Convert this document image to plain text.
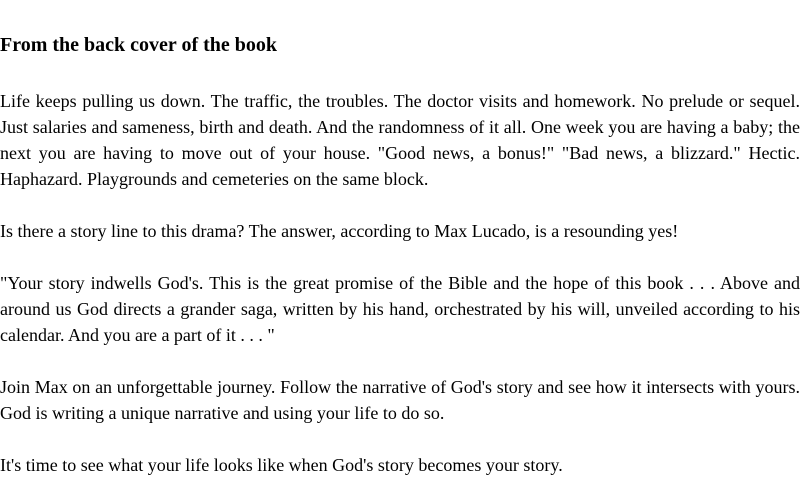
From the back cover of the book

Life keeps pulling us down. The traffic, the troubles. The doctor visits and homework. No prelude or sequel. Just salaries and sameness, birth and death. And the randomness of it all. One week you are having a baby; the next you are having to move out of your house. "Good news, a bonus!" "Bad news, a blizzard." Hectic. Haphazard. Playgrounds and cemeteries on the same block.

Is there a story line to this drama? The answer, according to Max Lucado, is a resounding yes!

"Your story indwells God's. This is the great promise of the Bible and the hope of this book . . . Above and around us God directs a grander saga, written by his hand, orchestrated by his will, unveiled according to his calendar. And you are a part of it . . . "

Join Max on an unforgettable journey. Follow the narrative of God's story and see how it intersects with yours. God is writing a unique narrative and using your life to do so.

It's time to see what your life looks like when God's story becomes your story.
